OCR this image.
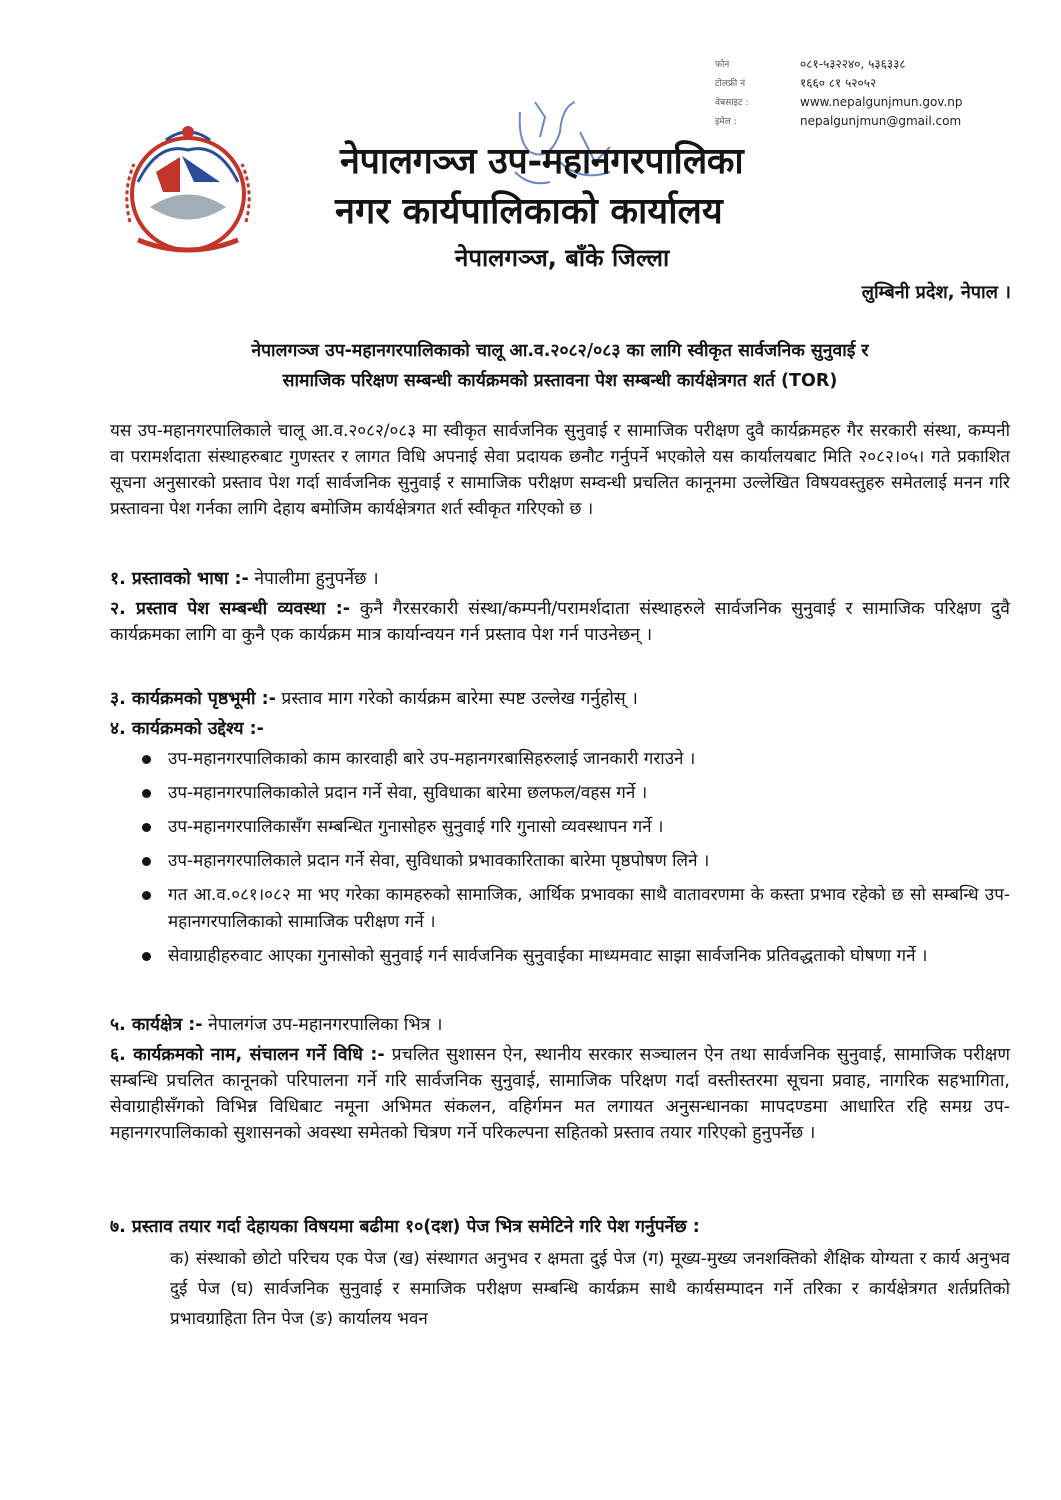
फोन	०८१-५३२२४०, ५३६३३८
टोलफ्री नं	१६६० ८१ ५२०५२
वेबसाइट :	www.nepalgunjmun.gov.np
इमेल :	nepalgunjmun@gmail.com
नेपालगञ्ज उप-महानगरपालिका
नगर कार्यपालिकाको कार्यालय
नेपालगञ्ज, बाँके जिल्ला
लुम्बिनी प्रदेश, नेपाल ।
नेपालगञ्ज उप-महानगरपालिकाको चालू आ.व.२०८२/०८३ का लागि स्वीकृत सार्वजनिक सुनुवाई र
सामाजिक परिक्षण सम्बन्धी कार्यक्रमको प्रस्तावना पेश सम्बन्धी कार्यक्षेत्रगत शर्त (TOR)
यस उप-महानगरपालिकाले चालू आ.व.२०८२/०८३ मा स्वीकृत सार्वजनिक सुनुवाई र सामाजिक परीक्षण दुवै कार्यक्रमहरु गैर सरकारी संस्था, कम्पनी वा परामर्शदाता संस्थाहरुबाट गुणस्तर र लागत विधि अपनाई सेवा प्रदायक छनौट गर्नुपर्ने भएकोले यस कार्यालयबाट मिति २०८२।०५। गते प्रकाशित सूचना अनुसारको प्रस्ताव पेश गर्दा सार्वजनिक सुनुवाई र सामाजिक परीक्षण सम्वन्धी प्रचलित कानूनमा उल्लेखित विषयवस्तुहरु समेतलाई मनन गरि प्रस्तावना पेश गर्नका लागि देहाय बमोजिम कार्यक्षेत्रगत शर्त स्वीकृत गरिएको छ ।
१. प्रस्तावको भाषा :- नेपालीमा हुनुपर्नेछ ।
२. प्रस्ताव पेश सम्बन्धी व्यवस्था :- कुनै गैरसरकारी संस्था/कम्पनी/परामर्शदाता संस्थाहरुले सार्वजनिक सुनुवाई र सामाजिक परिक्षण दुवै कार्यक्रमका लागि वा कुनै एक कार्यक्रम मात्र कार्यान्वयन गर्न प्रस्ताव पेश गर्न पाउनेछन् ।
३. कार्यक्रमको पृष्ठभूमी :- प्रस्ताव माग गरेको कार्यक्रम बारेमा स्पष्ट उल्लेख गर्नुहोस् ।
४. कार्यक्रमको उद्देश्य :-
उप-महानगरपालिकाको काम कारवाही बारे उप-महानगरबासिहरुलाई जानकारी गराउने ।
उप-महानगरपालिकाकोले प्रदान गर्ने सेवा, सुविधाका बारेमा छलफल/वहस गर्ने ।
उप-महानगरपालिकासँग सम्बन्धित गुनासोहरु सुनुवाई गरि गुनासो व्यवस्थापन गर्ने ।
उप-महानगरपालिकाले प्रदान गर्ने सेवा, सुविधाको प्रभावकारिताका बारेमा पृष्ठपोषण लिने ।
गत आ.व.०८१।०८२ मा भए गरेका कामहरुको सामाजिक, आर्थिक प्रभावका साथै वातावरणमा के कस्ता प्रभाव रहेको छ सो सम्बन्धि उप-महानगरपालिकाको सामाजिक परीक्षण गर्ने ।
सेवाग्राहीहरुवाट आएका गुनासोको सुनुवाई गर्न सार्वजनिक सुनुवाईका माध्यमवाट साझा सार्वजनिक प्रतिवद्धताको घोषणा गर्ने ।
५. कार्यक्षेत्र :- नेपालगंज उप-महानगरपालिका भित्र ।
६. कार्यक्रमको नाम, संचालन गर्ने विधि :- प्रचलित सुशासन ऐन, स्थानीय सरकार सञ्चालन ऐन तथा सार्वजनिक सुनुवाई, सामाजिक परीक्षण सम्बन्धि प्रचलित कानूनको परिपालना गर्ने गरि सार्वजनिक सुनुवाई, सामाजिक परिक्षण गर्दा वस्तीस्तरमा सूचना प्रवाह, नागरिक सहभागिता, सेवाग्राहीसँगको विभिन्न विधिबाट नमूना अभिमत संकलन, वहिर्गमन मत लगायत अनुसन्धानका मापदण्डमा आधारित रहि समग्र उप-महानगरपालिकाको सुशासनको अवस्था समेतको चित्रण गर्ने परिकल्पना सहितको प्रस्ताव तयार गरिएको हुनुपर्नेछ ।
७. प्रस्ताव तयार गर्दा देहायका विषयमा बढीमा १०(दश) पेज भित्र समेटिने गरि पेश गर्नुपर्नेछ :
क) संस्थाको छोटो परिचय एक पेज (ख) संस्थागत अनुभव र क्षमता दुई पेज (ग) मूख्य-मुख्य जनशक्तिको शैक्षिक योग्यता र कार्य अनुभव दुई पेज (घ) सार्वजनिक सुनुवाई र समाजिक परीक्षण सम्बन्धि कार्यक्रम साथै कार्यसम्पादन गर्ने तरिका र कार्यक्षेत्रगत शर्तप्रतिको प्रभावग्राहिता तिन पेज (ङ) कार्यालय भवन
